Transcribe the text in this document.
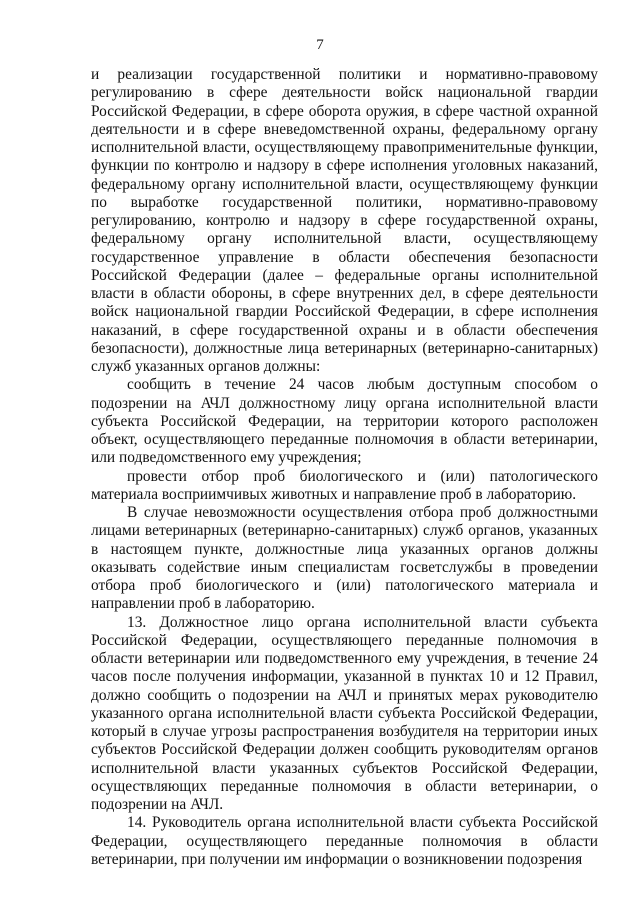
7

и реализации государственной политики и нормативно-правовому регулированию в сфере деятельности войск национальной гвардии Российской Федерации, в сфере оборота оружия, в сфере частной охранной деятельности и в сфере вневедомственной охраны, федеральному органу исполнительной власти, осуществляющему правоприменительные функции, функции по контролю и надзору в сфере исполнения уголовных наказаний, федеральному органу исполнительной власти, осуществляющему функции по выработке государственной политики, нормативно-правовому регулированию, контролю и надзору в сфере государственной охраны, федеральному органу исполнительной власти, осуществляющему государственное управление в области обеспечения безопасности Российской Федерации (далее – федеральные органы исполнительной власти в области обороны, в сфере внутренних дел, в сфере деятельности войск национальной гвардии Российской Федерации, в сфере исполнения наказаний, в сфере государственной охраны и в области обеспечения безопасности), должностные лица ветеринарных (ветеринарно-санитарных) служб указанных органов должны:

сообщить в течение 24 часов любым доступным способом о подозрении на АЧЛ должностному лицу органа исполнительной власти субъекта Российской Федерации, на территории которого расположен объект, осуществляющего переданные полномочия в области ветеринарии, или подведомственного ему учреждения;

провести отбор проб биологического и (или) патологического материала восприимчивых животных и направление проб в лабораторию.

В случае невозможности осуществления отбора проб должностными лицами ветеринарных (ветеринарно-санитарных) служб органов, указанных в настоящем пункте, должностные лица указанных органов должны оказывать содействие иным специалистам госветслужбы в проведении отбора проб биологического и (или) патологического материала и направлении проб в лабораторию.

13. Должностное лицо органа исполнительной власти субъекта Российской Федерации, осуществляющего переданные полномочия в области ветеринарии или подведомственного ему учреждения, в течение 24 часов после получения информации, указанной в пунктах 10 и 12 Правил, должно сообщить о подозрении на АЧЛ и принятых мерах руководителю указанного органа исполнительной власти субъекта Российской Федерации, который в случае угрозы распространения возбудителя на территории иных субъектов Российской Федерации должен сообщить руководителям органов исполнительной власти указанных субъектов Российской Федерации, осуществляющих переданные полномочия в области ветеринарии, о подозрении на АЧЛ.

14. Руководитель органа исполнительной власти субъекта Российской Федерации, осуществляющего переданные полномочия в области ветеринарии, при получении им информации о возникновении подозрения
